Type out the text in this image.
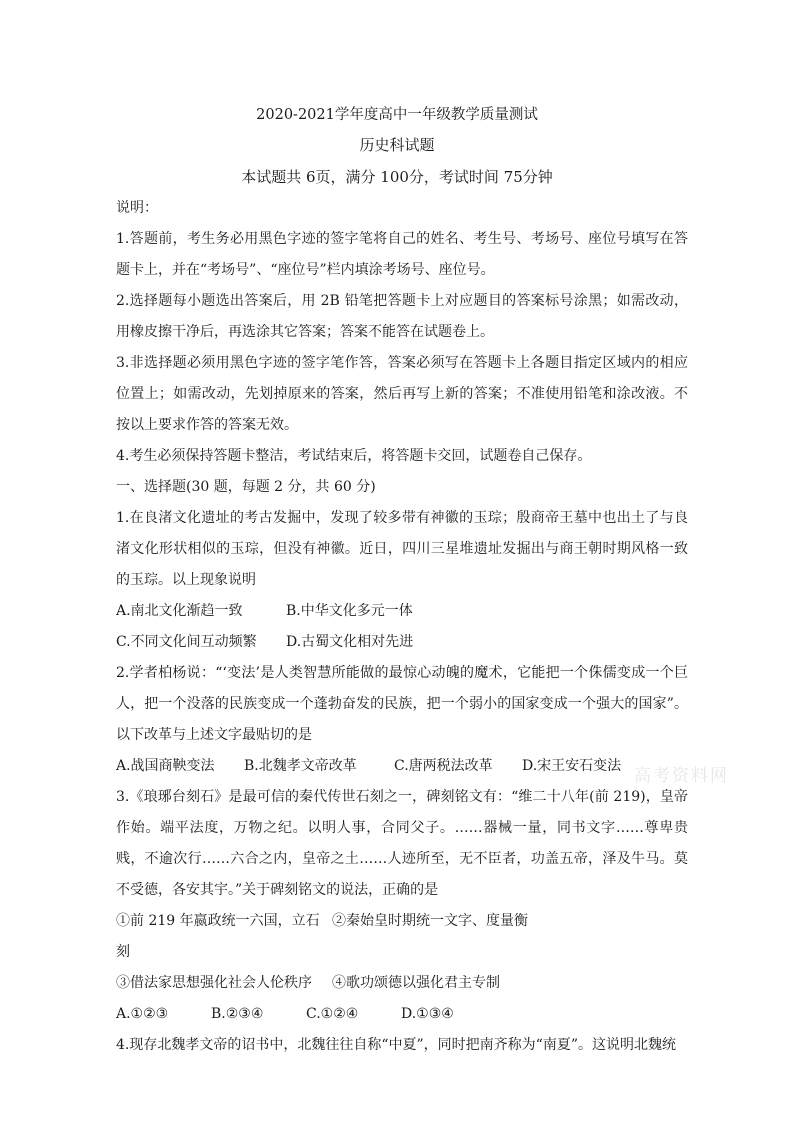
2020-2021学年度高中一年级教学质量测试
历史科试题
本试题共 6页，满分 100分，考试时间 75分钟

说明：

1.答题前，考生务必用黑色字迹的签字笔将自己的姓名、考生号、考场号、座位号填写在答题卡上，并在“考场号”、“座位号”栏内填涂考场号、座位号。

2.选择题每小题选出答案后，用 2B 铅笔把答题卡上对应题目的答案标号涂黑；如需改动，用橡皮擦干净后，再选涂其它答案；答案不能答在试题卷上。

3.非选择题必须用黑色字迹的签字笔作答，答案必须写在答题卡上各题目指定区域内的相应位置上；如需改动，先划掉原来的答案，然后再写上新的答案；不准使用铅笔和涂改液。不按以上要求作答的答案无效。

4.考生必须保持答题卡整洁，考试结束后，将答题卡交回，试题卷自己保存。

一、选择题(30 题，每题 2 分，共 60 分)

1.在良渚文化遗址的考古发掘中，发现了较多带有神徽的玉琮；殷商帝王墓中也出土了与良渚文化形状相似的玉琮，但没有神徽。近日，四川三星堆遗址发掘出与商王朝时期风格一致的玉琮。以上现象说明

A.南北文化渐趋一致	B.中华文化多元一体
C.不同文化间互动频繁	D.古蜀文化相对先进

2.学者柏杨说：“‘变法’是人类智慧所能做的最惊心动魄的魔术，它能把一个侏儒变成一个巨人，把一个没落的民族变成一个蓬勃奋发的民族，把一个弱小的国家变成一个强大的国家”。以下改革与上述文字最贴切的是

A.战国商鞅变法	B.北魏孝文帝改革	C.唐两税法改革	D.宋王安石变法

3.《琅琊台刻石》是最可信的秦代传世石刻之一，碑刻铭文有：“维二十八年(前 219)，皇帝作始。端平法度，万物之纪。以明人事，合同父子。……器械一量，同书文字……尊卑贵贱，不逾次行……六合之内，皇帝之土……人迹所至，无不臣者，功盖五帝，泽及牛马。莫不受德，各安其宇。”关于碑刻铭文的说法，正确的是

①前 219 年嬴政统一六国，立石刻
②秦始皇时期统一文字、度量衡
③借法家思想强化社会人伦秩序	④歌功颂德以强化君主专制
A.①②③	B.②③④	C.①②④	D.①③④

4.现存北魏孝文帝的诏书中，北魏往往自称“中夏”，同时把南齐称为“南夏”。这说明北魏统

高考资料网
